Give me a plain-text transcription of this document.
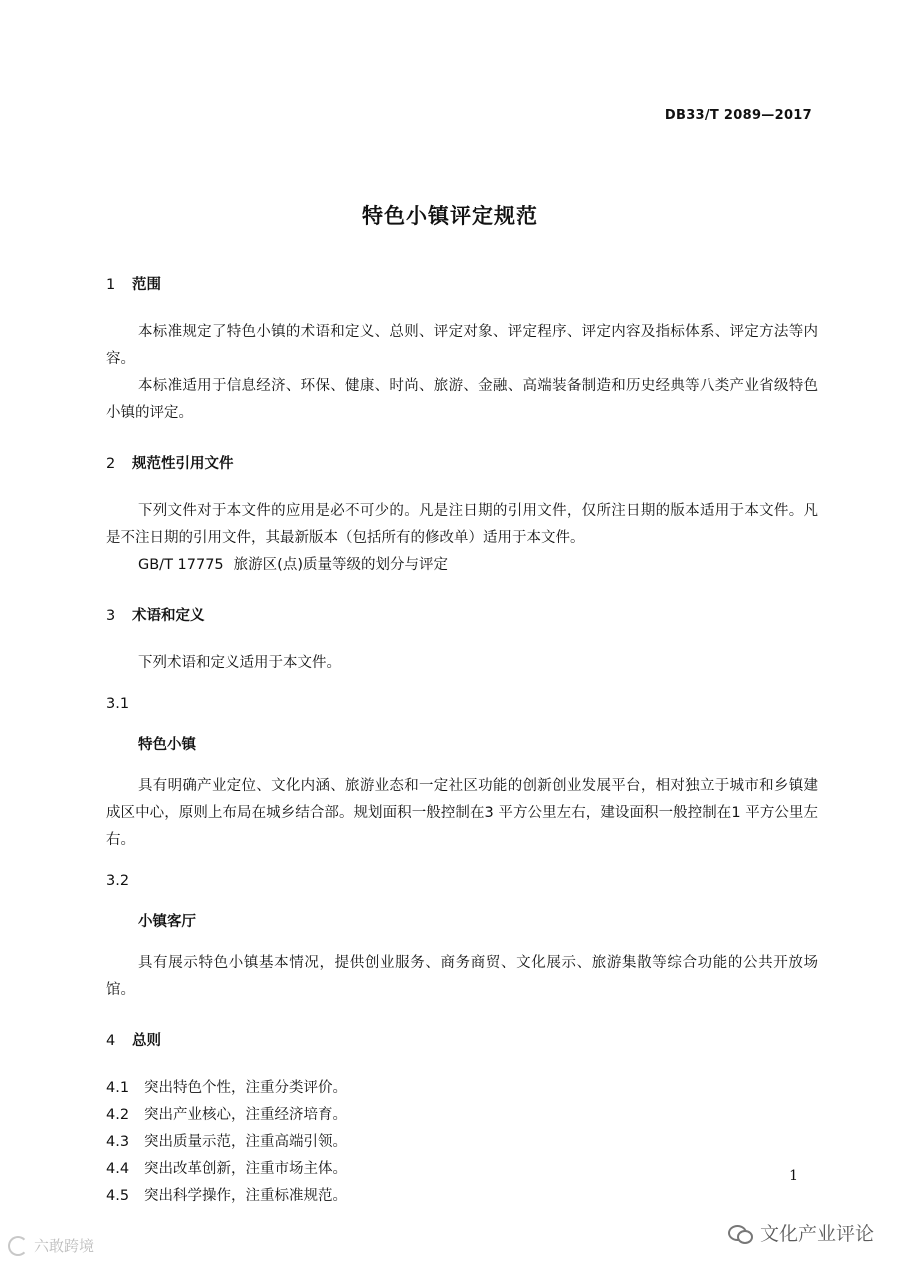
DB33/T 2089—2017
特色小镇评定规范
1 范围
本标准规定了特色小镇的术语和定义、总则、评定对象、评定程序、评定内容及指标体系、评定方法等内容。
本标准适用于信息经济、环保、健康、时尚、旅游、金融、高端装备制造和历史经典等八类产业省级特色小镇的评定。
2 规范性引用文件
下列文件对于本文件的应用是必不可少的。凡是注日期的引用文件，仅所注日期的版本适用于本文件。凡是不注日期的引用文件，其最新版本（包括所有的修改单）适用于本文件。
GB/T 17775 旅游区(点)质量等级的划分与评定
3 术语和定义
下列术语和定义适用于本文件。
3.1
特色小镇
具有明确产业定位、文化内涵、旅游业态和一定社区功能的创新创业发展平台，相对独立于城市和乡镇建成区中心，原则上布局在城乡结合部。规划面积一般控制在3 平方公里左右，建设面积一般控制在1 平方公里左右。
3.2
小镇客厅
具有展示特色小镇基本情况，提供创业服务、商务商贸、文化展示、旅游集散等综合功能的公共开放场馆。
4 总则
4.1 突出特色个性，注重分类评价。
4.2 突出产业核心，注重经济培育。
4.3 突出质量示范，注重高端引领。
4.4 突出改革创新，注重市场主体。
4.5 突出科学操作，注重标准规范。
1
六敢跨境
文化产业评论
